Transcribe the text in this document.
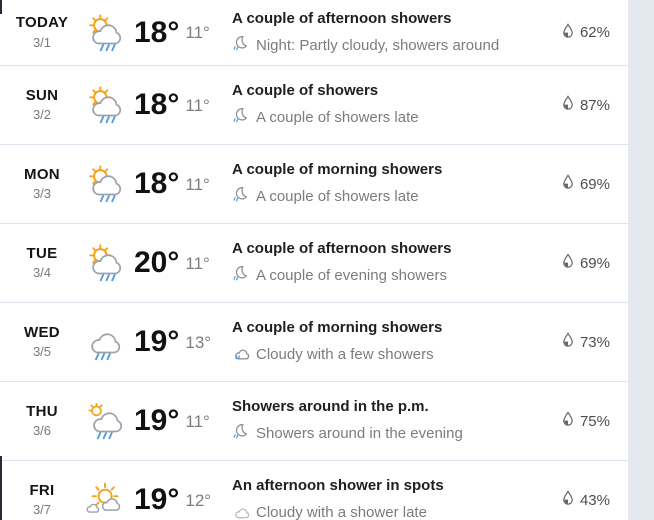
TODAY
3/1	18° 11°
A couple of afternoon showers
Night: Partly cloudy, showers around
62%
SUN
3/2	18° 11°
A couple of showers
A couple of showers late
87%
MON
3/3	18° 11°
A couple of morning showers
A couple of showers late
69%
TUE
3/4	20° 11°
A couple of afternoon showers
A couple of evening showers
69%
WED
3/5	19° 13°
A couple of morning showers
Cloudy with a few showers
73%
THU
3/6	19° 11°
Showers around in the p.m.
Showers around in the evening
75%
FRI
3/7	19° 12°
An afternoon shower in spots
Cloudy with a shower late
43%
